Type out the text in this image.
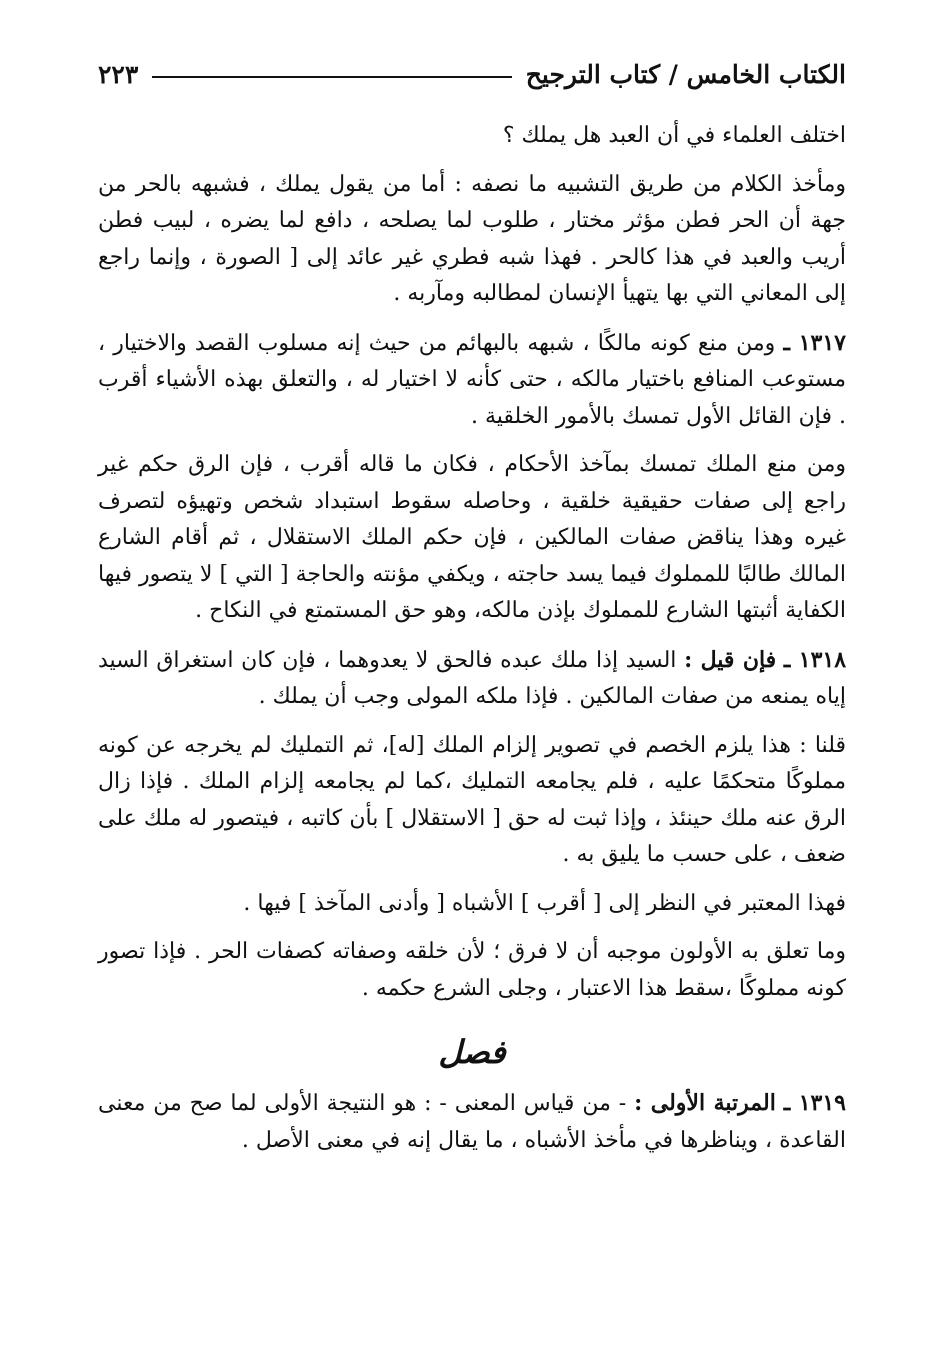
الكتاب الخامس / كتاب الترجيح
٢٢٣

اختلف العلماء في أن العبد هل يملك ؟

ومأخذ الكلام من طريق التشبيه ما نصفه : أما من يقول يملك ، فشبهه بالحر من جهة أن الحر فطن مؤثر مختار ، طلوب لما يصلحه ، دافع لما يضره ، لبيب فطن أريب والعبد في هذا كالحر . فهذا شبه فطري غير عائد إلى [ الصورة ، وإنما راجع إلى المعاني التي بها يتهيأ الإنسان لمطالبه ومآربه .

١٣١٧ ـ ومن منع كونه مالكًا ، شبهه بالبهائم من حيث إنه مسلوب القصد والاختيار ، مستوعب المنافع باختيار مالكه ، حتى كأنه لا اختيار له ، والتعلق بهذه الأشياء أقرب . فإن القائل الأول تمسك بالأمور الخلقية .

ومن منع الملك تمسك بمآخذ الأحكام ، فكان ما قاله أقرب ، فإن الرق حكم غير راجع إلى صفات حقيقية خلقية ، وحاصله سقوط استبداد شخص وتهيؤه لتصرف غيره وهذا يناقض صفات المالكين ، فإن حكم الملك الاستقلال ، ثم أقام الشارع المالك طالبًا للمملوك فيما يسد حاجته ، ويكفي مؤنته والحاجة [ التي ] لا يتصور فيها الكفاية أثبتها الشارع للمملوك بإذن مالكه، وهو حق المستمتع في النكاح .

١٣١٨ ـ فإن قيل : السيد إذا ملك عبده فالحق لا يعدوهما ، فإن كان استغراق السيد إياه يمنعه من صفات المالكين . فإذا ملكه المولى وجب أن يملك .

قلنا : هذا يلزم الخصم في تصوير إلزام الملك [له]، ثم التمليك لم يخرجه عن كونه مملوكًا متحكمًا عليه ، فلم يجامعه التمليك ،كما لم يجامعه إلزام الملك . فإذا زال الرق عنه ملك حينئذ ، وإذا ثبت له حق [ الاستقلال ] بأن كاتبه ، فيتصور له ملك على ضعف ، على حسب ما يليق به .

فهذا المعتبر في النظر إلى [ أقرب ] الأشباه [ وأدنى المآخذ ] فيها .

وما تعلق به الأولون موجبه أن لا فرق ؛ لأن خلقه وصفاته كصفات الحر . فإذا تصور كونه مملوكًا ،سقط هذا الاعتبار ، وجلى الشرع حكمه .

فصل

١٣١٩ ـ المرتبة الأولى : - من قياس المعنى - : هو النتيجة الأولى لما صح من معنى القاعدة ، ويناظرها في مأخذ الأشباه ، ما يقال إنه في معنى الأصل .
